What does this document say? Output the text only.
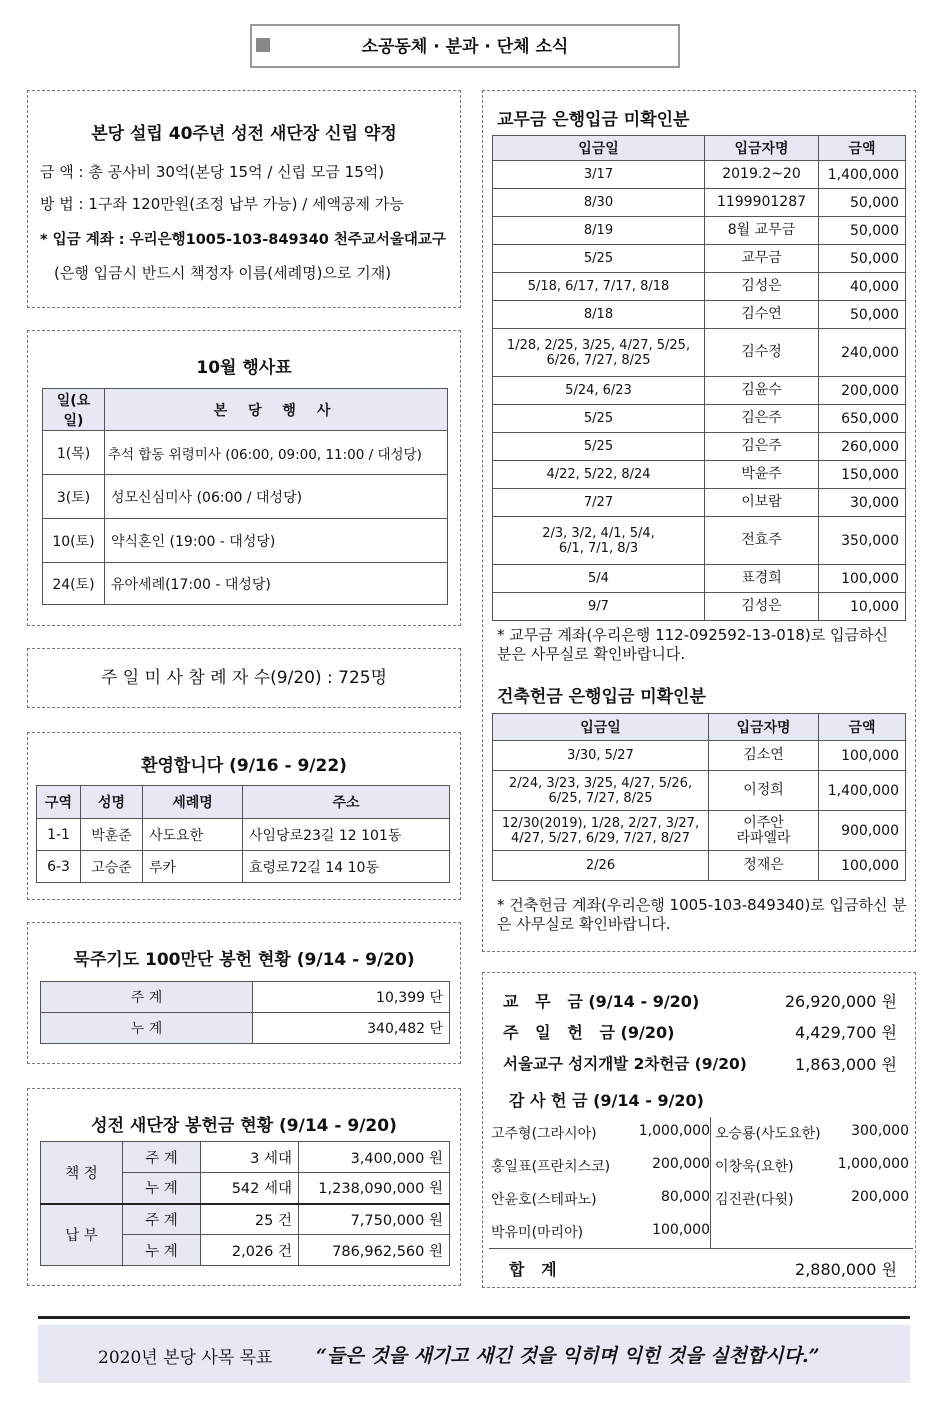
소공동체 · 분과 · 단체 소식
본당 설립 40주년 성전 새단장 신립 약정
금 액 : 총 공사비 30억(본당 15억 / 신립 모금 15억)
방 법 : 1구좌 120만원(조정 납부 가능) / 세액공제 가능
* 입금 계좌 : 우리은행1005-103-849340 천주교서울대교구
(은행 입금시 반드시 책정자 이름(세례명)으로 기재)
10월 행사표
일(요일)	본 당 행 사
1(목)	추석 합동 위령미사 (06:00, 09:00, 11:00 / 대성당)
3(토)	성모신심미사 (06:00 / 대성당)
10(토)	약식혼인 (19:00 - 대성당)
24(토)	유아세례(17:00 - 대성당)
주 일 미 사 참 례 자 수(9/20) : 725명
환영합니다 (9/16 - 9/22)
구역	성명	세례명	주소
1-1	박훈준	사도요한	사임당로23길 12 101동
6-3	고승준	루카	효령로72길 14 10동
묵주기도 100만단 봉헌 현황 (9/14 - 9/20)
주 계	10,399 단
누 계	340,482 단
성전 새단장 봉헌금 현황 (9/14 - 9/20)
책 정	주 계	3 세대	3,400,000 원
	누 계	542 세대	1,238,090,000 원
납 부	주 계	25 건	7,750,000 원
	누 계	2,026 건	786,962,560 원
교무금 은행입금 미확인분
입금일	입금자명	금액
3/17	2019.2~20	1,400,000
8/30	1199901287	50,000
8/19	8월 교무금	50,000
5/25	교무금	50,000
5/18, 6/17, 7/17, 8/18	김성은	40,000
8/18	김수연	50,000
1/28, 2/25, 3/25, 4/27, 5/25,
6/26, 7/27, 8/25	김수정	240,000
5/24, 6/23	김윤수	200,000
5/25	김은주	650,000
5/25	김은주	260,000
4/22, 5/22, 8/24	박윤주	150,000
7/27	이보람	30,000
2/3, 3/2, 4/1, 5/4,
6/1, 7/1, 8/3	전효주	350,000
5/4	표경희	100,000
9/7	김성은	10,000
* 교무금 계좌(우리은행 112-092592-13-018)로 입금하신 분은 사무실로 확인바랍니다.
건축헌금 은행입금 미확인분
입금일	입금자명	금액
3/30, 5/27	김소연	100,000
2/24, 3/23, 3/25, 4/27, 5/26,
6/25, 7/27, 8/25	이정희	1,400,000
12/30(2019), 1/28, 2/27, 3/27,
4/27, 5/27, 6/29, 7/27, 8/27	이주안
라파엘라	900,000
2/26	정재은	100,000
* 건축헌금 계좌(우리은행 1005-103-849340)로 입금하신 분은 사무실로 확인바랍니다.
교   무   금 (9/14 - 9/20)	26,920,000 원
주   일   헌   금 (9/20)	4,429,700 원
서울교구 성지개발 2차헌금 (9/20)	1,863,000 원
감 사 헌 금 (9/14 - 9/20)
고주형(그라시아)	1,000,000 오승룡(사도요한) 300,000
홍일표(프란치스코)	200,000 이창욱(요한)	1,000,000
안윤호(스테파노)	80,000 김진관(다윗)	200,000
박유미(마리아)	100,000
합   계	2,880,000 원
2020년 본당 사목 목표 “들은 것을 새기고 새긴 것을 익히며 익힌 것을 실천합시다.”
